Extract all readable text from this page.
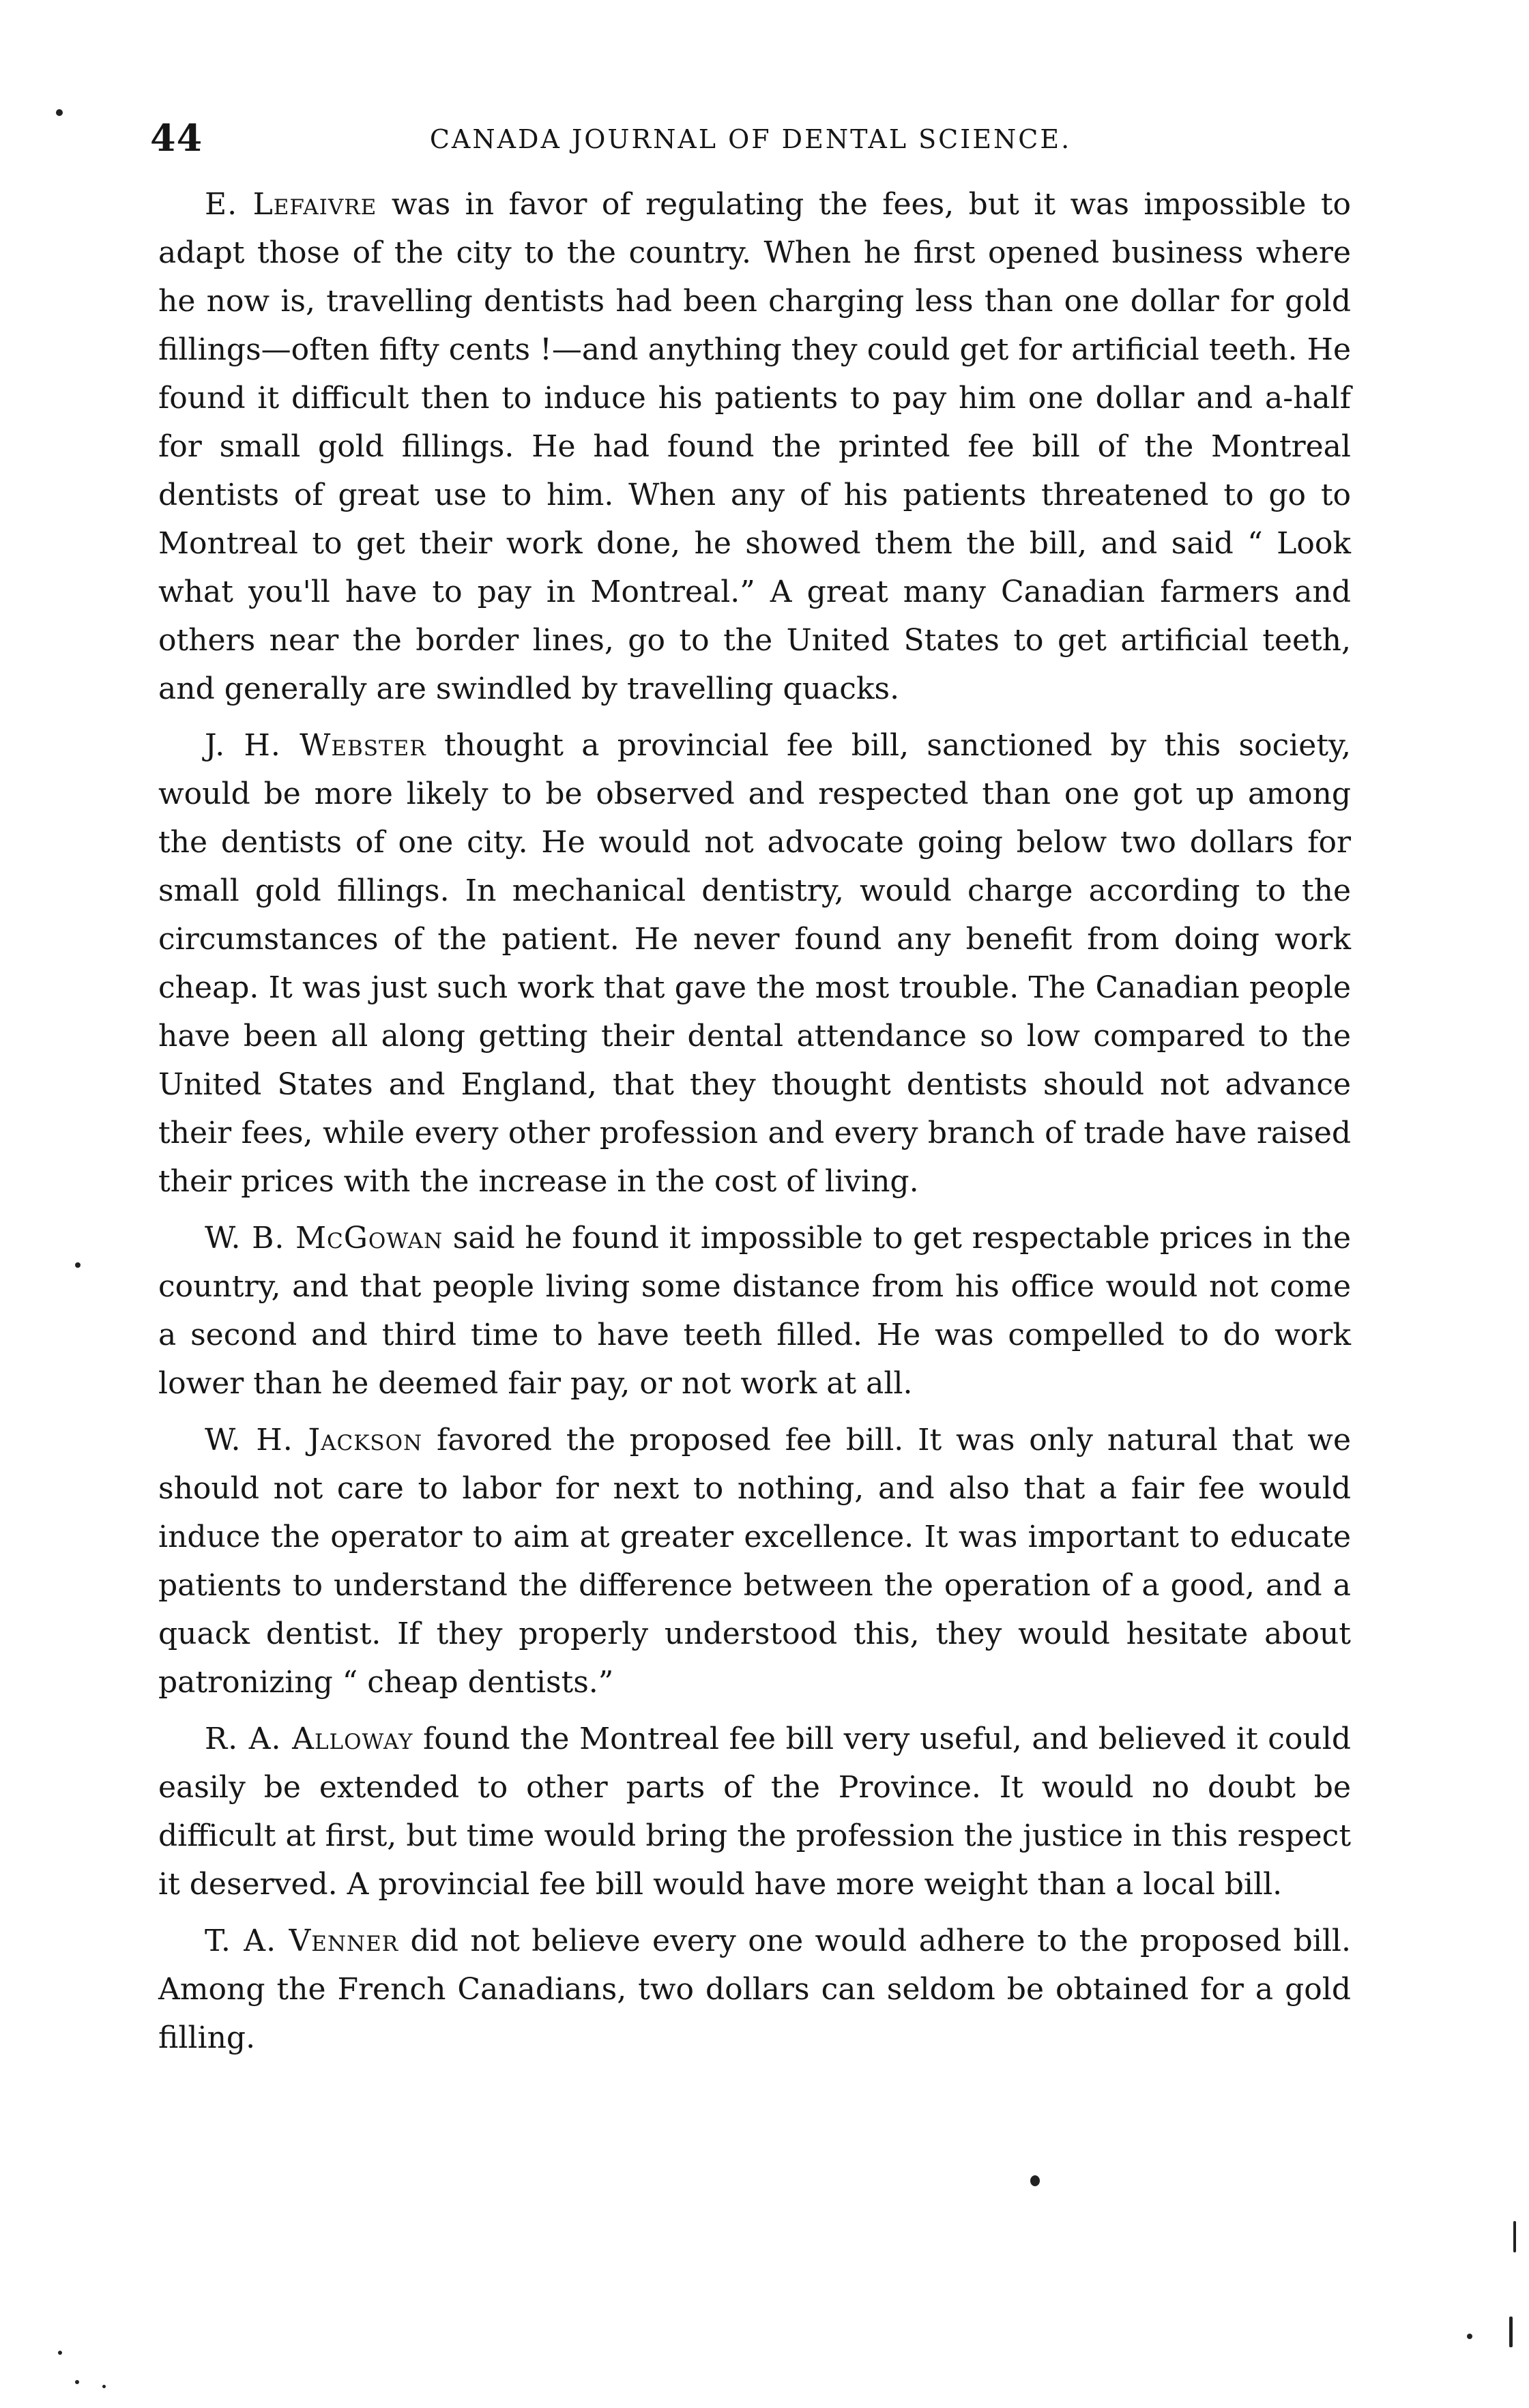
44	CANADA JOURNAL OF DENTAL SCIENCE.

E. Lefaivre was in favor of regulating the fees, but it was impossible to adapt those of the city to the country. When he first opened business where he now is, travelling dentists had been charging less than one dollar for gold fillings—often fifty cents !—and anything they could get for artificial teeth. He found it difficult then to induce his patients to pay him one dollar and a-half for small gold fillings. He had found the printed fee bill of the Montreal dentists of great use to him. When any of his patients threatened to go to Montreal to get their work done, he showed them the bill, and said “ Look what you'll have to pay in Montreal.” A great many Canadian farmers and others near the border lines, go to the United States to get artificial teeth, and generally are swindled by travelling quacks.

J. H. Webster thought a provincial fee bill, sanctioned by this society, would be more likely to be observed and respected than one got up among the dentists of one city. He would not advocate going below two dollars for small gold fillings. In mechanical dentistry, would charge according to the circumstances of the patient. He never found any benefit from doing work cheap. It was just such work that gave the most trouble. The Canadian people have been all along getting their dental attendance so low compared to the United States and England, that they thought dentists should not advance their fees, while every other profession and every branch of trade have raised their prices with the increase in the cost of living.

W. B. McGowan said he found it impossible to get respectable prices in the country, and that people living some distance from his office would not come a second and third time to have teeth filled. He was compelled to do work lower than he deemed fair pay, or not work at all.

W. H. Jackson favored the proposed fee bill. It was only natural that we should not care to labor for next to nothing, and also that a fair fee would induce the operator to aim at greater excellence. It was important to educate patients to understand the difference between the operation of a good, and a quack dentist. If they properly understood this, they would hesitate about patronizing “ cheap dentists.”

R. A. Alloway found the Montreal fee bill very useful, and believed it could easily be extended to other parts of the Province. It would no doubt be difficult at first, but time would bring the profession the justice in this respect it deserved. A provincial fee bill would have more weight than a local bill.

T. A. Venner did not believe every one would adhere to the proposed bill. Among the French Canadians, two dollars can seldom be obtained for a gold filling.
